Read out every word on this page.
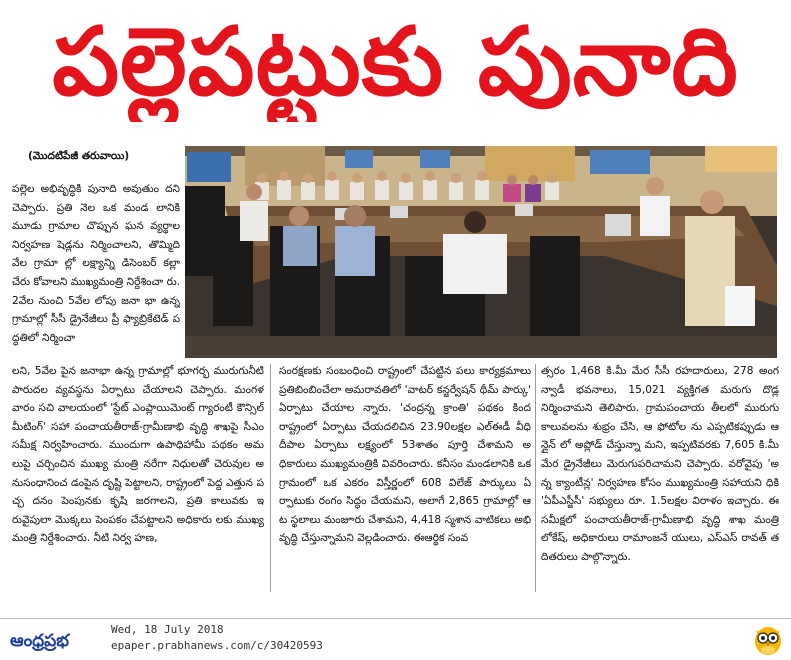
పల్లెపట్టుకు పునాది
(మొదటిపేజీ తరువాయి)

పల్లెల అభివృద్ధికి పునాది అవుతుం దని చెప్పారు. ప్రతి నెల ఒక మండ లానికి మూడు గ్రామాల చొప్పున ఘన వ్యర్థాల నిర్వహణ షెడ్లను నిర్మించాలని, తొమ్మిది వేల గ్రామా ల్లో లక్ష్యాన్ని డిసెంబర్ కల్లా చేరు కోవాలని ముఖ్యమంత్రి నిర్దేశించా రు. 2వేల నుంచి 5వేల లోపు జనా భా ఉన్న గ్రామాల్లో సీసీ డ్రైనేజీలు ప్రీ ఫ్యాబ్రికేటెడ్ పద్ధతిలో నిర్మించా

లని, 5వేల పైన జనాభా ఉన్న గ్రామాల్లో భూగర్భ మురుగునీటి పారుదల వ్యవస్థను ఏర్పాటు చేయాలని చెప్పారు. మంగళవారం సచి వాలయంలో 'స్టేట్ ఎంప్లాయిమెంట్ గ్యారంటీ కౌన్సిల్ మీటింగ్' సహా పంచాయతీరాజ్-గ్రామీణాభి వృద్ధి శాఖపై సీఎం సమీక్ష నిర్వహించారు. ముందుగా ఉపాధిహామీ పథకం అమలుపై చర్చించిన ముఖ్య మంత్రి నరేగా నిధులతో చెరువుల అనుసంధానించ డంపైన దృష్టి పెట్టాలని, రాష్ట్రంలో పెద్ద ఎత్తున పచ్చ దనం పెంపునకు కృషి జరగాలని, ప్రతి కాలువకు ఇరువైపులా మొక్కలు పెంపకం చేపట్టాలని అధికారు లకు ముఖ్యమంత్రి నిర్దేశించారు. నీటి నిర్వ హణ,

సంరక్షణకు సంబంధించి రాష్ట్రంలో చేపట్టిన పలు కార్యక్రమాలు ప్రతిబింబించేలా అమరావతిలో 'వాటర్ కన్జర్వేషన్ థీమ్ పార్కు' ఏర్పాటు చేయాల న్నారు. 'చంద్రన్న క్రాంతి' పథకం కింద రాష్ట్రంలో ఏర్పాటు చేయదలిచిన 23.90లక్షల ఎల్ఈడీ వీధి దీపాల ఏర్పాటు లక్ష్యంలో 53శాతం పూర్తి చేశామని అధికారులు ముఖ్యమంత్రికి వివరించారు. కనీసం మండలానికి ఒక గ్రామంలో ఒక ఎకరం విస్తీర్ణంలో 608 విలేజ్ పార్కులు ఏర్పాటుకు రంగం సిద్ధం చేయమని, అలాగే 2,865 గ్రామాల్లో ఆట స్థలాలు మంజూరు చేశామని, 4,418 స్మశాన వాటికలు అభి వృద్ధి చేస్తున్నామని వెల్లడించారు. ఈఆర్థిక సంవ

త్సరం 1,468 కి.మీ మేర సీసీ రహదారులు, 278 అంగన్వాడీ భవనాలు, 15,021 వ్యక్తిగత మరుగు దొడ్ల నిర్మించామని తెలిపారు. గ్రామపంచాయ తీలలో మురుగు కాలువలను శుభ్రం చేసి, ఆ ఫోటోల ను ఎప్పటికప్పుడు ఆన్లైన్ లో అప్లోడ్ చేస్తున్నా మని, ఇప్పటివరకు 7,605 కి.మీ మేర డ్రైనేజీలు మెరుగుపరిచామని చెప్పారు. వరోవైపు 'అన్న క్యాంటీన్ల' నిర్వహణ కోసం ముఖ్యమంత్రి సహాయని ధికి 'ఏపీఎస్జీసీ' సభ్యులు రూ. 1.5లక్షల విరాళం ఇచ్చారు. ఈ సమీక్షలో పంచాయతీరాజ్-గ్రామీణాభి వృద్ధి శాఖ మంత్రి లోకేష్, అధికారులు రామాంజనే యులు, ఎస్ఎస్ రావత్ తదితరులు పాల్గొన్నారు.

ఆంధ్రప్రభ
Wed, 18 July 2018
epaper.prabhanews.com/c/30420593
